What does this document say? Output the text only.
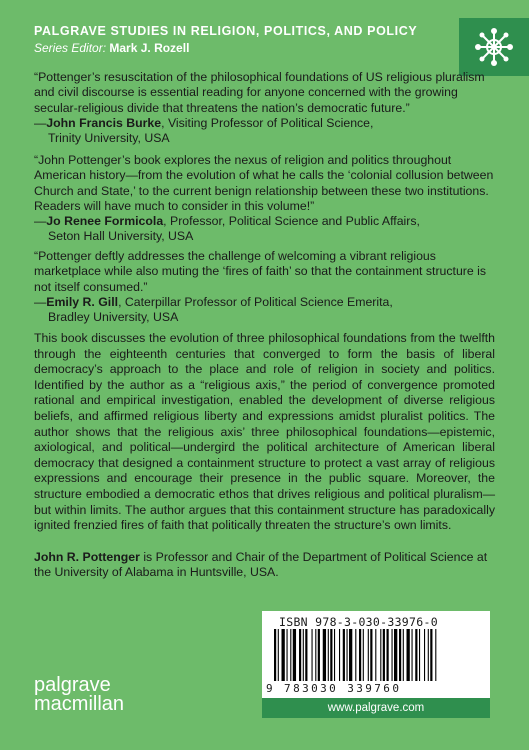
PALGRAVE STUDIES IN RELIGION, POLITICS, AND POLICY
Series Editor: Mark J. Rozell

“Pottenger’s resuscitation of the philosophical foundations of US religious pluralism and civil discourse is essential reading for anyone concerned with the growing secular-religious divide that threatens the nation’s democratic future.”

—John Francis Burke, Visiting Professor of Political Science,

Trinity University, USA

“John Pottenger’s book explores the nexus of religion and politics throughout American history—from the evolution of what he calls the ‘colonial collusion between Church and State,’ to the current benign relationship between these two institutions. Readers will have much to consider in this volume!”

—Jo Renee Formicola, Professor, Political Science and Public Affairs,

Seton Hall University, USA

“Pottenger deftly addresses the challenge of welcoming a vibrant religious marketplace while also muting the ‘fires of faith’ so that the containment structure is not itself consumed.”

—Emily R. Gill, Caterpillar Professor of Political Science Emerita,

Bradley University, USA

This book discusses the evolution of three philosophical foundations from the twelfth through the eighteenth centuries that converged to form the basis of liberal democracy’s approach to the place and role of religion in society and politics. Identified by the author as a “religious axis,” the period of convergence promoted rational and empirical investigation, enabled the development of diverse religious beliefs, and affirmed religious liberty and expressions amidst pluralist politics. The author shows that the religious axis’ three philosophical foundations—epistemic, axiological, and political—undergird the political architecture of American liberal democracy that designed a containment structure to protect a vast array of religious expressions and encourage their presence in the public square. Moreover, the structure embodied a democratic ethos that drives religious and political pluralism—but within limits. The author argues that this containment structure has paradoxically ignited frenzied fires of faith that politically threaten the structure’s own limits.

John R. Pottenger is Professor and Chair of the Department of Political Science at the University of Alabama in Huntsville, USA.

ISBN 978-3-030-33976-0
9 783030 339760
www.palgrave.com
palgrave
macmillan
